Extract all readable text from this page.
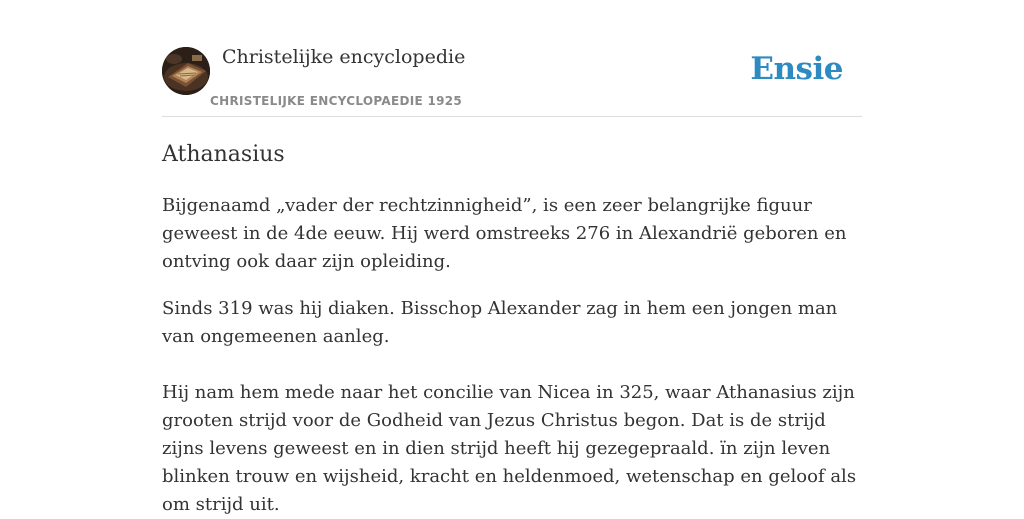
Christelijke encyclopedie
CHRISTELIJKE ENCYCLOPAEDIE 1925
Ensie
Athanasius

Bijgenaamd „vader der rechtzinnigheid”, is een zeer belangrijke figuur geweest in de 4de eeuw. Hij werd omstreeks 276 in Alexandrië geboren en ontving ook daar zijn opleiding.

Sinds 319 was hij diaken. Bisschop Alexander zag in hem een jongen man van ongemeenen aanleg.

Hij nam hem mede naar het concilie van Nicea in 325, waar Athanasius zijn grooten strijd voor de Godheid van Jezus Christus begon. Dat is de strijd zijns levens geweest en in dien strijd heeft hij gezegepraald. ïn zijn leven blinken trouw en wijsheid, kracht en heldenmoed, wetenschap en geloof als om strijd uit.
